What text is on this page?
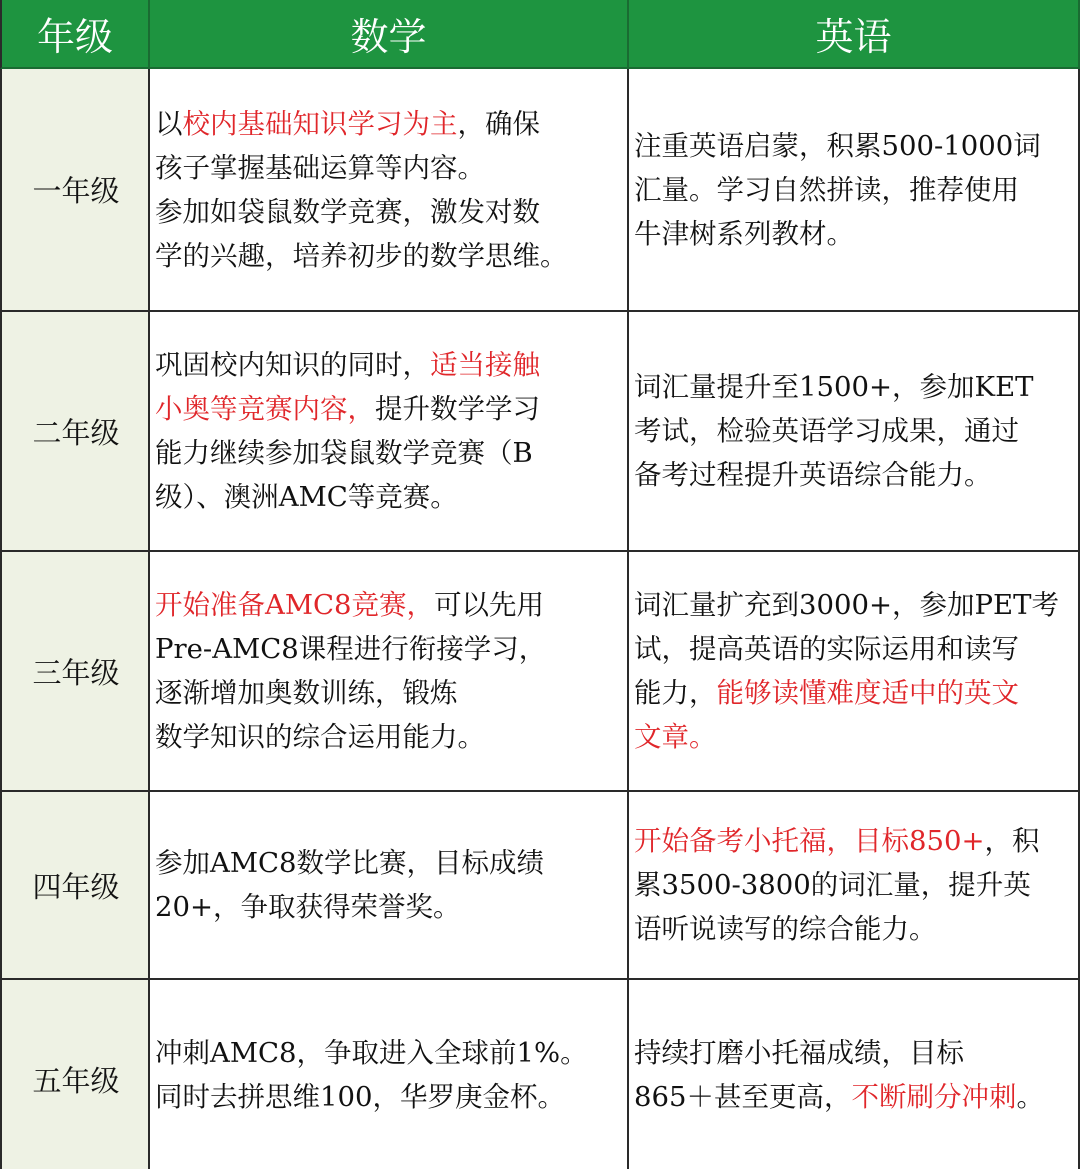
年级	数学	英语
一年级
以校内基础知识学习为主，确保
孩子掌握基础运算等内容。
参加如袋鼠数学竞赛，激发对数
学的兴趣，培养初步的数学思维。
注重英语启蒙，积累500-1000词
汇量。学习自然拼读，推荐使用
牛津树系列教材。
二年级
巩固校内知识的同时，适当接触
小奥等竞赛内容，提升数学学习
能力继续参加袋鼠数学竞赛（B
级）、澳洲AMC等竞赛。
词汇量提升至1500+，参加KET
考试，检验英语学习成果，通过
备考过程提升英语综合能力。
三年级
开始准备AMC8竞赛，可以先用
Pre-AMC8课程进行衔接学习，
逐渐增加奥数训练，锻炼
数学知识的综合运用能力。
词汇量扩充到3000+，参加PET考
试，提高英语的实际运用和读写
能力，能够读懂难度适中的英文
文章。
四年级
参加AMC8数学比赛，目标成绩
20+，争取获得荣誉奖。
开始备考小托福，目标850+，积
累3500-3800的词汇量，提升英
语听说读写的综合能力。
五年级
冲刺AMC8，争取进入全球前1%。
同时去拼思维100，华罗庚金杯。
持续打磨小托福成绩，目标
865＋甚至更高，不断刷分冲刺。
